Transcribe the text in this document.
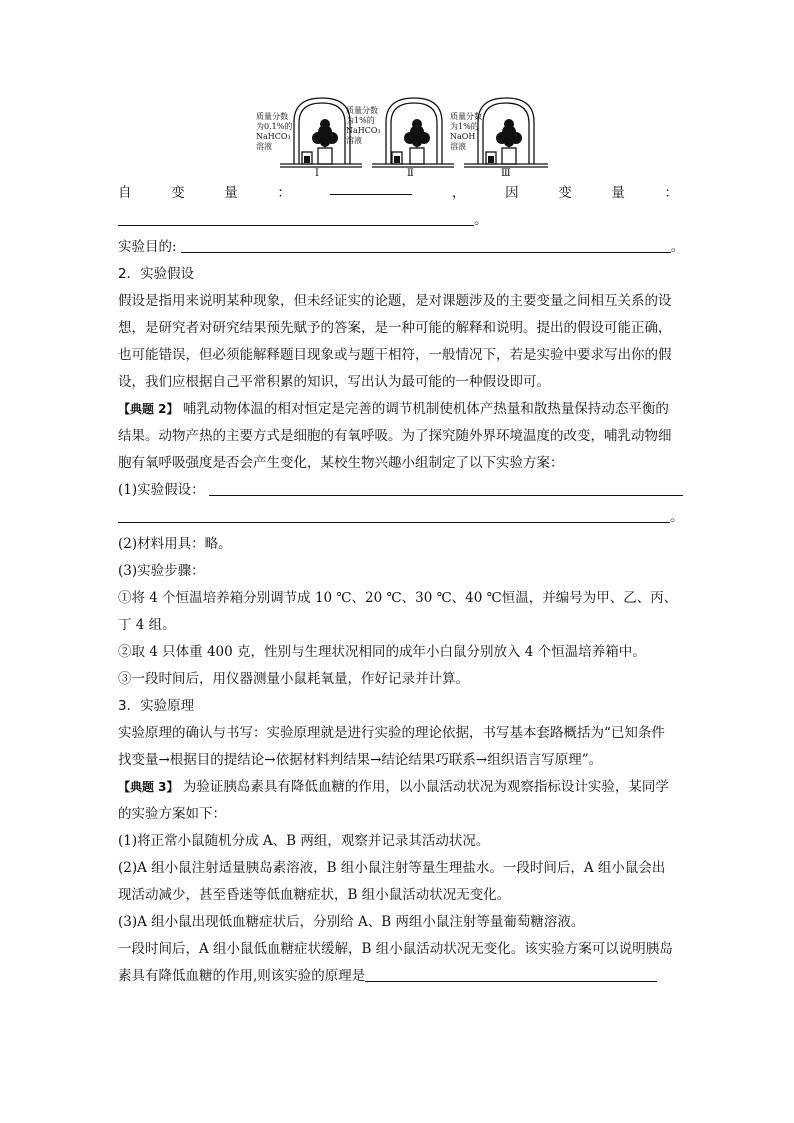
质量分数
为0.1%的
NaHCO₃
溶液
质量分数
为1%的
NaHCO₃
溶液
质量分数
为1%的
NaOH
溶液
Ⅰ	Ⅱ	Ⅲ
自	变	量	：	，	因	变	量	：
。
实验目的:	。
2．实验假设
假设是指用来说明某种现象，但未经证实的论题，是对课题涉及的主要变量之间相互关系的设想，是研究者对研究结果预先赋予的答案，是一种可能的解释和说明。提出的假设可能正确，也可能错误，但必须能解释题目现象或与题干相符，一般情况下，若是实验中要求写出你的假设，我们应根据自己平常积累的知识，写出认为最可能的一种假设即可。
【典题 2】 哺乳动物体温的相对恒定是完善的调节机制使机体产热量和散热量保持动态平衡的结果。动物产热的主要方式是细胞的有氧呼吸。为了探究随外界环境温度的改变，哺乳动物细胞有氧呼吸强度是否会产生变化，某校生物兴趣小组制定了以下实验方案：
(1)实验假设：
。
(2)材料用具：略。
(3)实验步骤：
①将 4 个恒温培养箱分别调节成 10 ℃、20 ℃、30 ℃、40 ℃恒温，并编号为甲、乙、丙、丁 4 组。
②取 4 只体重 400 克，性别与生理状况相同的成年小白鼠分别放入 4 个恒温培养箱中。
③一段时间后，用仪器测量小鼠耗氧量，作好记录并计算。
3．实验原理
实验原理的确认与书写：实验原理就是进行实验的理论依据，书写基本套路概括为“已知条件找变量→根据目的提结论→依据材料判结果→结论结果巧联系→组织语言写原理”。
【典题 3】 为验证胰岛素具有降低血糖的作用，以小鼠活动状况为观察指标设计实验，某同学的实验方案如下：
(1)将正常小鼠随机分成 A、B 两组，观察并记录其活动状况。
(2)A 组小鼠注射适量胰岛素溶液，B 组小鼠注射等量生理盐水。一段时间后，A 组小鼠会出现活动减少，甚至昏迷等低血糖症状，B 组小鼠活动状况无变化。
(3)A 组小鼠出现低血糖症状后，分别给 A、B 两组小鼠注射等量葡萄糖溶液。
一段时间后，A 组小鼠低血糖症状缓解，B 组小鼠活动状况无变化。该实验方案可以说明胰岛素具有降低血糖的作用,则该实验的原理是
